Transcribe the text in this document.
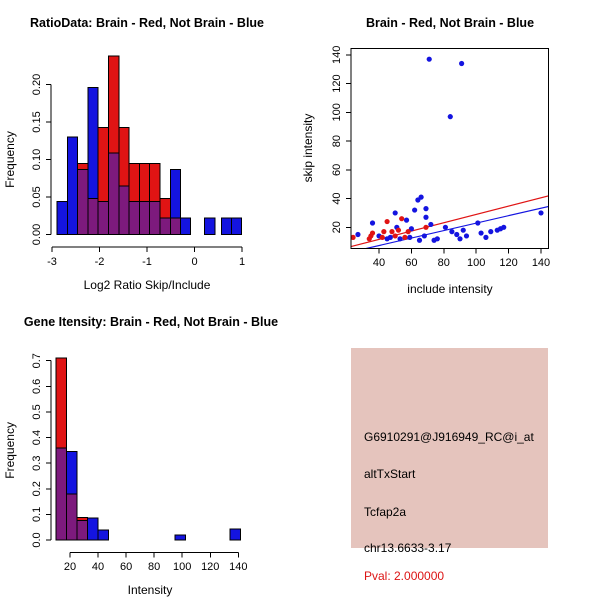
RatioData: Brain - Red, Not Brain - Blue
Log2 Ratio Skip/Include
Frequency
0.00
0.05
0.10
0.15
0.20
-3	-2	-1	0	1
Brain - Red, Not Brain - Blue
include intensity
skip intensity
40 60 80 100 120 140
20
40
60
80
100
120
140
Gene Itensity: Brain - Red, Not Brain - Blue
Intensity
Frequency
0.0
0.1
0.2
0.3
0.4
0.5
0.6
0.7
20 40 60 80 100 120 140
G6910291@J916949_RC@i_at
altTxStart
Tcfap2a
chr13.6633-3.17
Pval: 2.000000
